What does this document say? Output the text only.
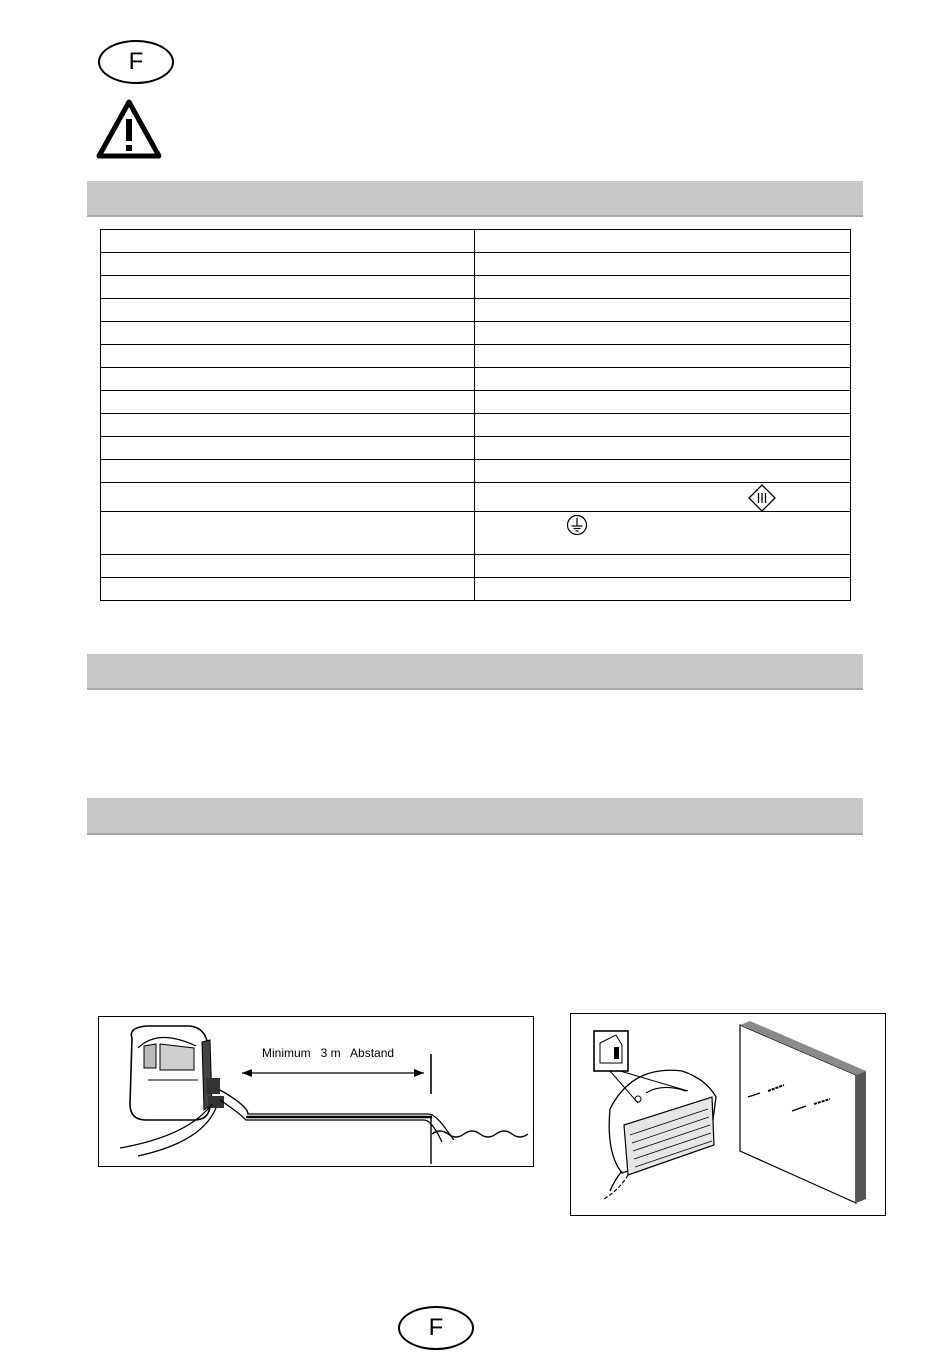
F

Minimum   3 m   Abstand
F
